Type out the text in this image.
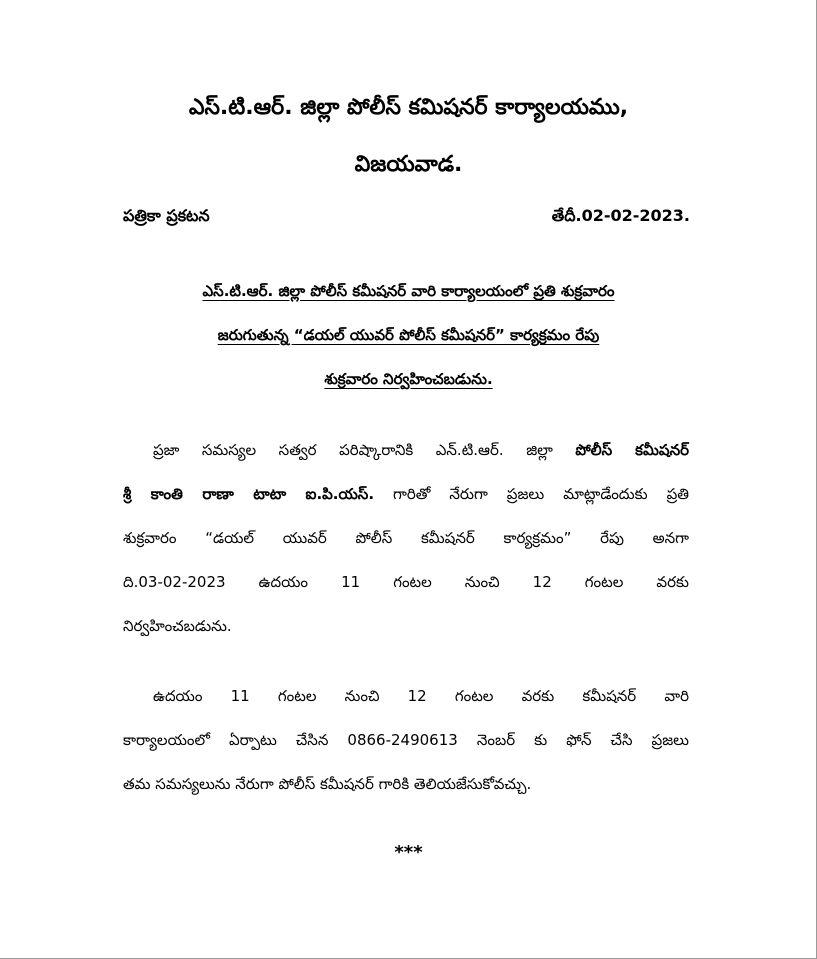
ఎస్.టి.ఆర్. జిల్లా పోలీస్ కమిషనర్ కార్యాలయము,
విజయవాడ.
పత్రికా ప్రకటన	తేదీ.02-02-2023.
ఎస్.టి.ఆర్. జిల్లా పోలీస్ కమీషనర్ వారి కార్యాలయంలో ప్రతి శుక్రవారం
జరుగుతున్న “డయల్ యువర్ పోలీస్ కమీషనర్” కార్యక్రమం రేపు
శుక్రవారం నిర్వహించబడును.
ప్రజా సమస్యల సత్వర పరిష్కారానికి ఎన్.టి.ఆర్. జిల్లా పోలీస్ కమీషనర్
శ్రీ కాంతి రాణా టాటా ఐ.పి.యస్. గారితో నేరుగా ప్రజలు మాట్లాడేందుకు ప్రతి
శుక్రవారం “డయల్ యువర్ పోలీస్ కమీషనర్ కార్యక్రమం” రేపు అనగా
ది.03-02-2023 ఉదయం 11 గంటల నుంచి 12 గంటల వరకు
నిర్వహించబడును.
ఉదయం 11 గంటల నుంచి 12 గంటల వరకు కమీషనర్ వారి
కార్యాలయంలో ఏర్పాటు చేసిన 0866-2490613 నెంబర్ కు ఫోన్ చేసి ప్రజలు
తమ సమస్యలును నేరుగా పోలీస్ కమీషనర్ గారికి తెలియజేసుకోవచ్చు.
***
